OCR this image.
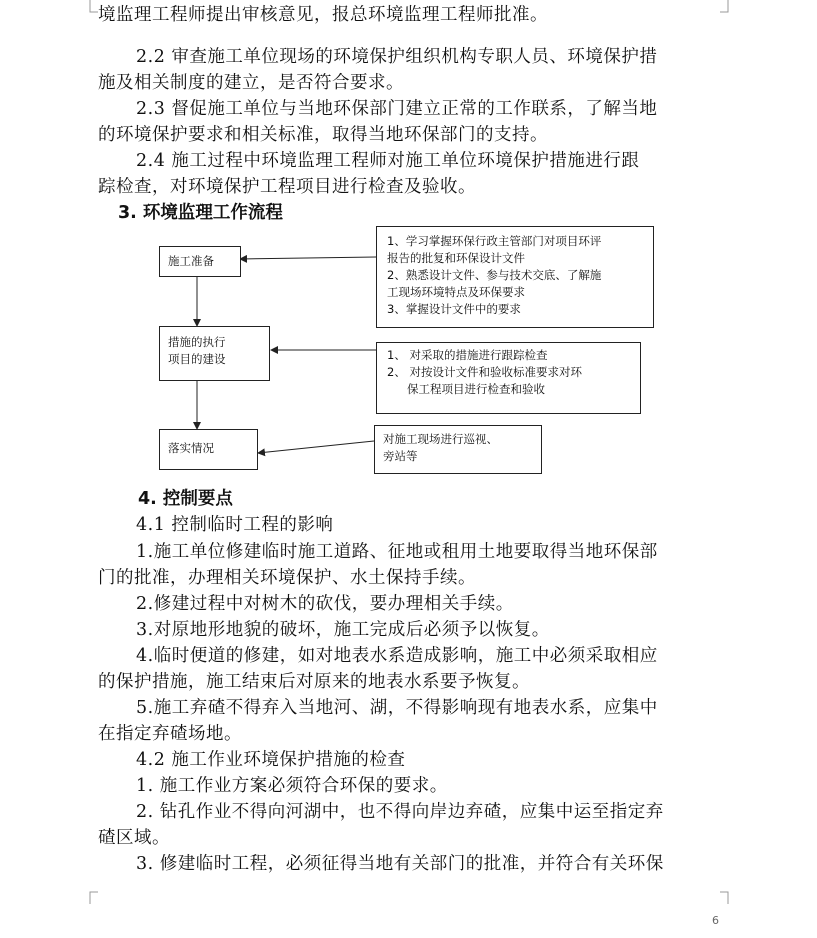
境监理工程师提出审核意见，报总环境监理工程师批准。
2.2 审查施工单位现场的环境保护组织机构专职人员、环境保护措
施及相关制度的建立，是否符合要求。
2.3 督促施工单位与当地环保部门建立正常的工作联系，了解当地
的环境保护要求和相关标准，取得当地环保部门的支持。
2.4 施工过程中环境监理工程师对施工单位环境保护措施进行跟
踪检查，对环境保护工程项目进行检查及验收。
3. 环境监理工作流程
施工准备
措施的执行
项目的建设
落实情况
1、学习掌握环保行政主管部门对项目环评
报告的批复和环保设计文件
2、熟悉设计文件、参与技术交底、了解施
工现场环境特点及环保要求
3、掌握设计文件中的要求
1、 对采取的措施进行跟踪检查
2、 对按设计文件和验收标准要求对环
保工程项目进行检查和验收
对施工现场进行巡视、
旁站等
4. 控制要点
4.1 控制临时工程的影响
1.施工单位修建临时施工道路、征地或租用土地要取得当地环保部
门的批准，办理相关环境保护、水土保持手续。
2.修建过程中对树木的砍伐，要办理相关手续。
3.对原地形地貌的破坏，施工完成后必须予以恢复。
4.临时便道的修建，如对地表水系造成影响，施工中必须采取相应
的保护措施，施工结束后对原来的地表水系要予恢复。
5.施工弃碴不得弃入当地河、湖，不得影响现有地表水系，应集中
在指定弃碴场地。
4.2 施工作业环境保护措施的检查
1. 施工作业方案必须符合环保的要求。
2. 钻孔作业不得向河湖中，也不得向岸边弃碴，应集中运至指定弃
碴区域。
3. 修建临时工程，必须征得当地有关部门的批准，并符合有关环保
6
